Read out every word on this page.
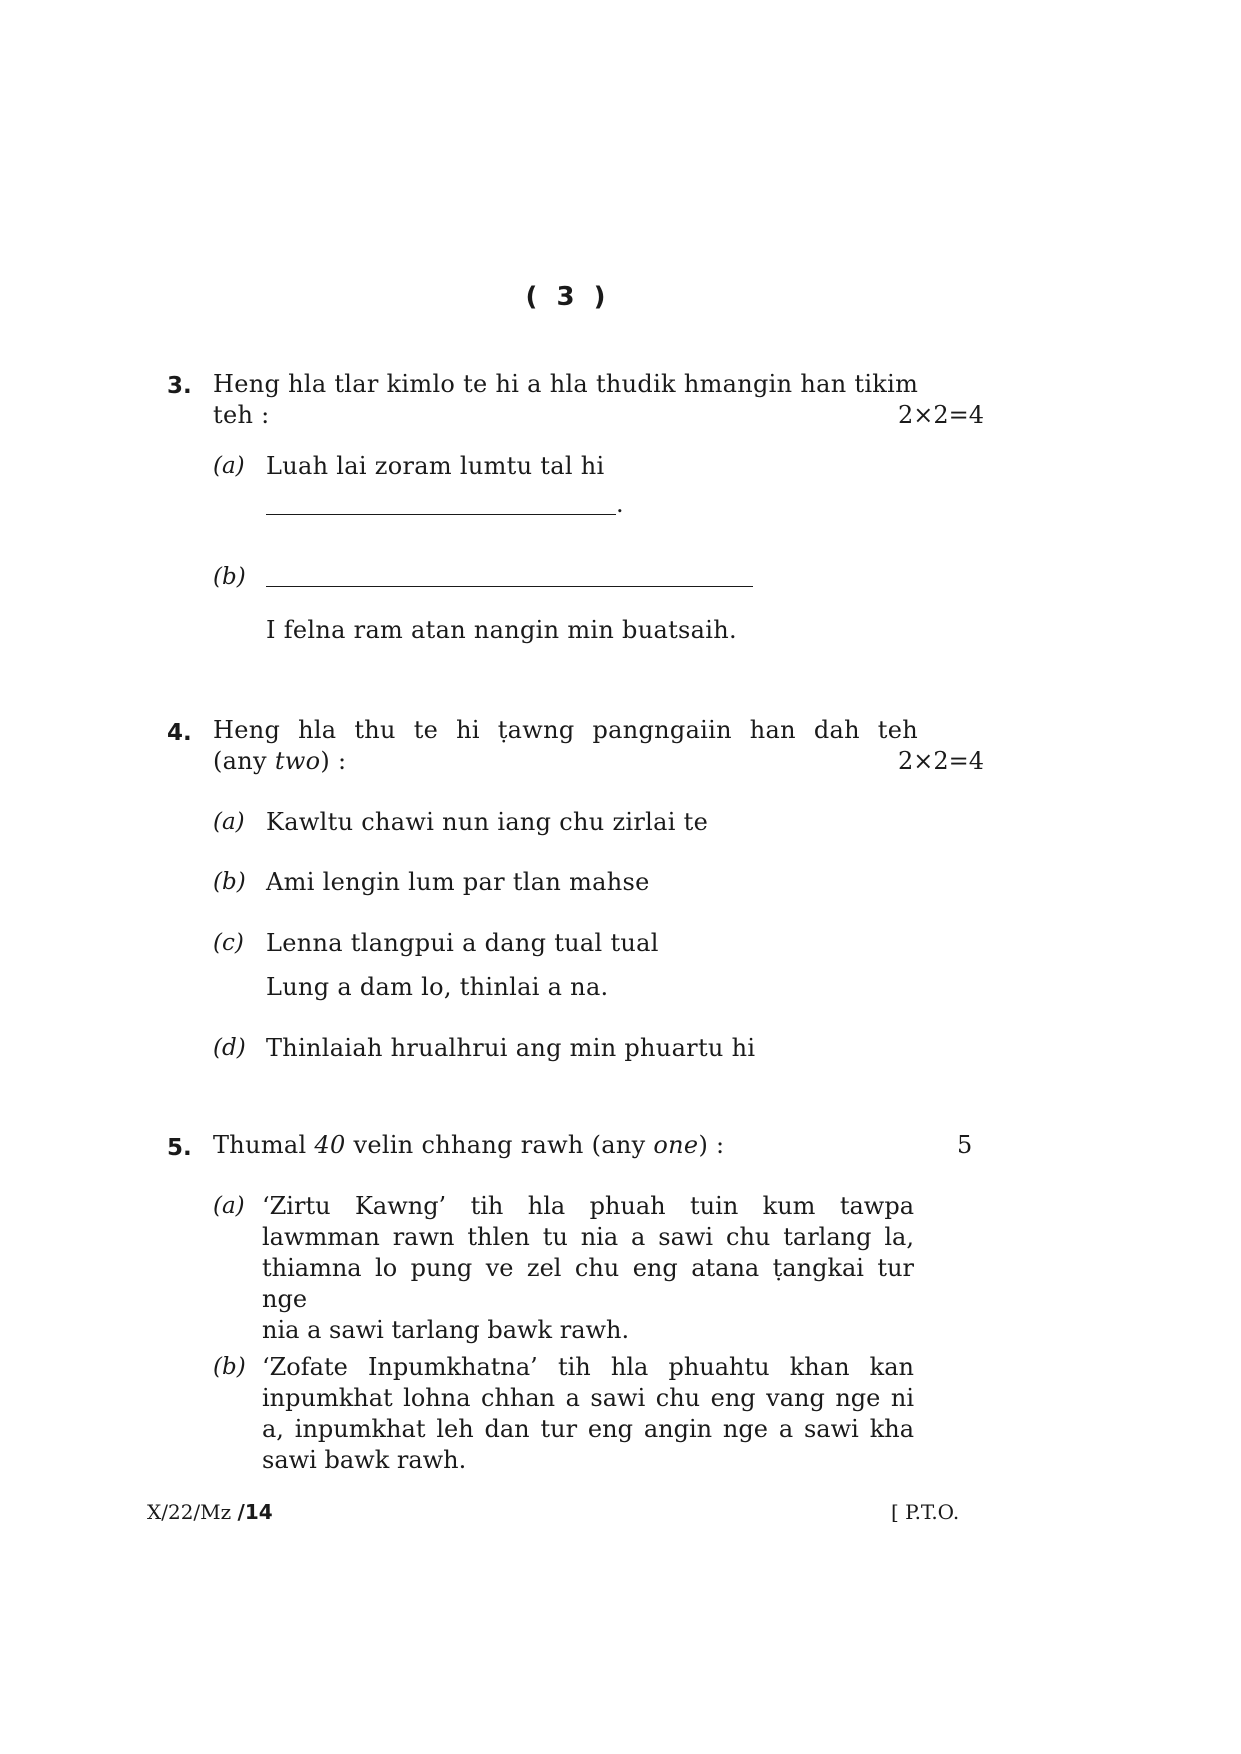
( 3 )
3. Heng hla tlar kimlo te hi a hla thudik hmangin han tikim
teh :	2×2=4
(a) Luah lai zoram lumtu tal hi
.
(b)
I felna ram atan nangin min buatsaih.
4. Heng hla thu te hi ṭawng pangngaiin han dah teh
(any two) :	2×2=4
(a) Kawltu chawi nun iang chu zirlai te
(b) Ami lengin lum par tlan mahse
(c) Lenna tlangpui a dang tual tual
Lung a dam lo, thinlai a na.
(d) Thinlaiah hrualhrui ang min phuartu hi
5. Thumal 40 velin chhang rawh (any one) :	5
(a) ‘Zirtu Kawng’ tih hla phuah tuin kum tawpa
lawmman rawn thlen tu nia a sawi chu tarlang la,
thiamna lo pung ve zel chu eng atana ṭangkai tur nge
nia a sawi tarlang bawk rawh.
(b) ‘Zofate Inpumkhatna’ tih hla phuahtu khan kan
inpumkhat lohna chhan a sawi chu eng vang nge ni
a, inpumkhat leh dan tur eng angin nge a sawi kha
sawi bawk rawh.
X/22/Mz /14	[ P.T.O.
